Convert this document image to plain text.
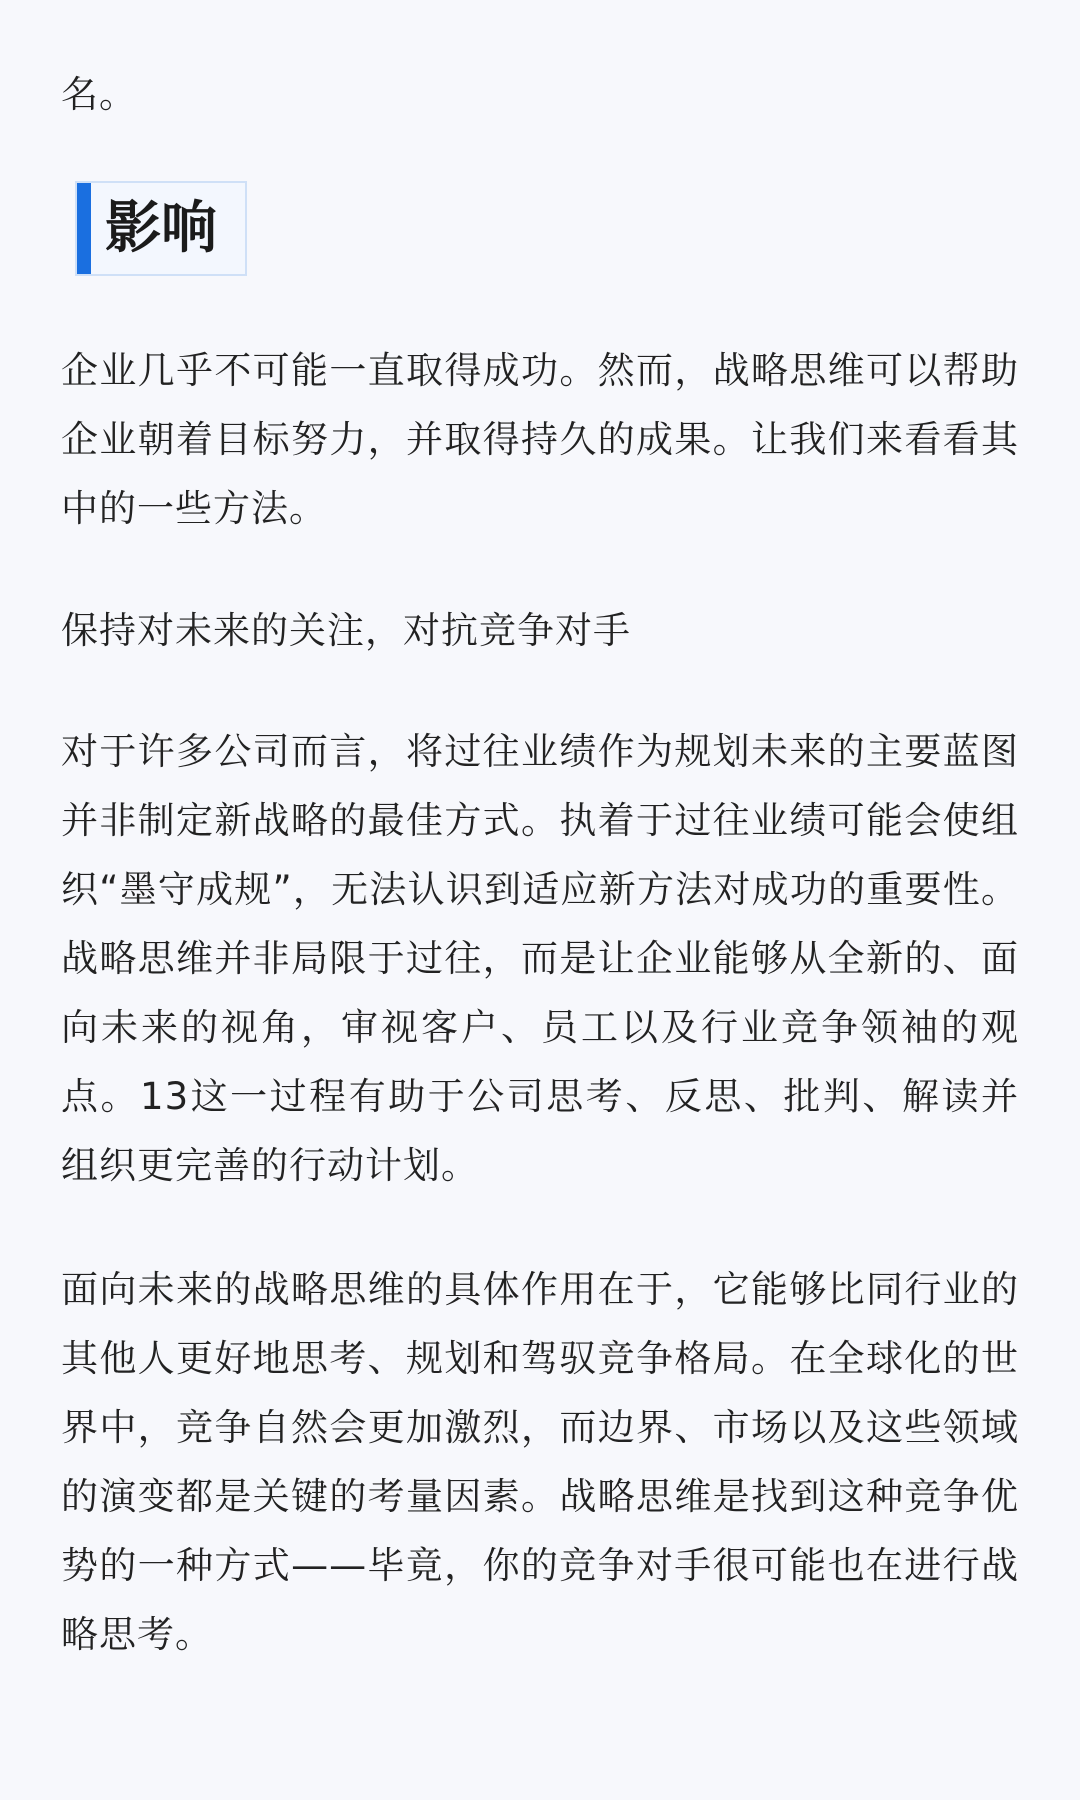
名。

影响

企业几乎不可能一直取得成功。然而，战略思维可以帮助企业朝着目标努力，并取得持久的成果。让我们来看看其中的一些方法。

保持对未来的关注，对抗竞争对手

对于许多公司而言，将过往业绩作为规划未来的主要蓝图并非制定新战略的最佳方式。执着于过往业绩可能会使组织“墨守成规”，无法认识到适应新方法对成功的重要性。战略思维并非局限于过往，而是让企业能够从全新的、面向未来的视角，审视客户、员工以及行业竞争领袖的观点。13这一过程有助于公司思考、反思、批判、解读并组织更完善的行动计划。

面向未来的战略思维的具体作用在于，它能够比同行业的其他人更好地思考、规划和驾驭竞争格局。在全球化的世界中，竞争自然会更加激烈，而边界、市场以及这些领域的演变都是关键的考量因素。战略思维是找到这种竞争优势的一种方式——毕竟，你的竞争对手很可能也在进行战略思考。
